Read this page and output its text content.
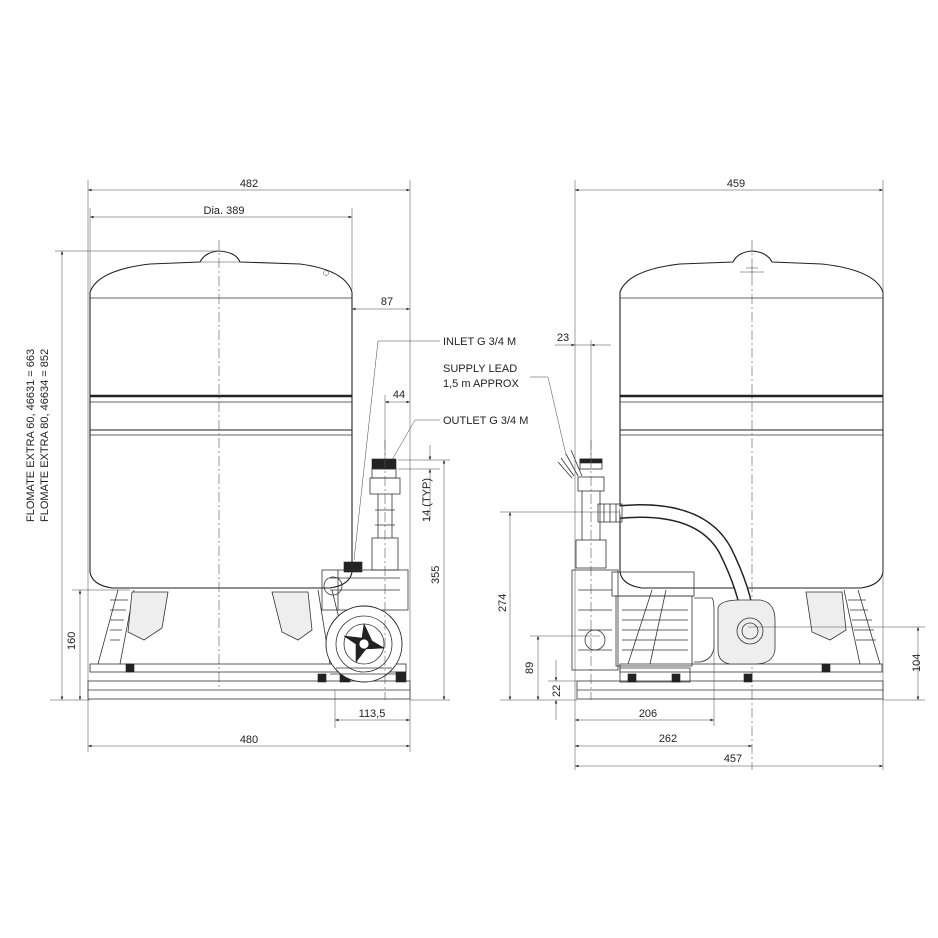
482
Dia. 389
87
44
INLET G 3/4 M
OUTLET G 3/4 M
14 (TYP)
355
160
113,5
480
FLOMATE EXTRA 60, 46631 = 663 FLOMATE EXTRA 80, 46634 = 852
459
23
SUPPLY LEAD
1,5 m APPROX
274
89
22
104
206
262
457
